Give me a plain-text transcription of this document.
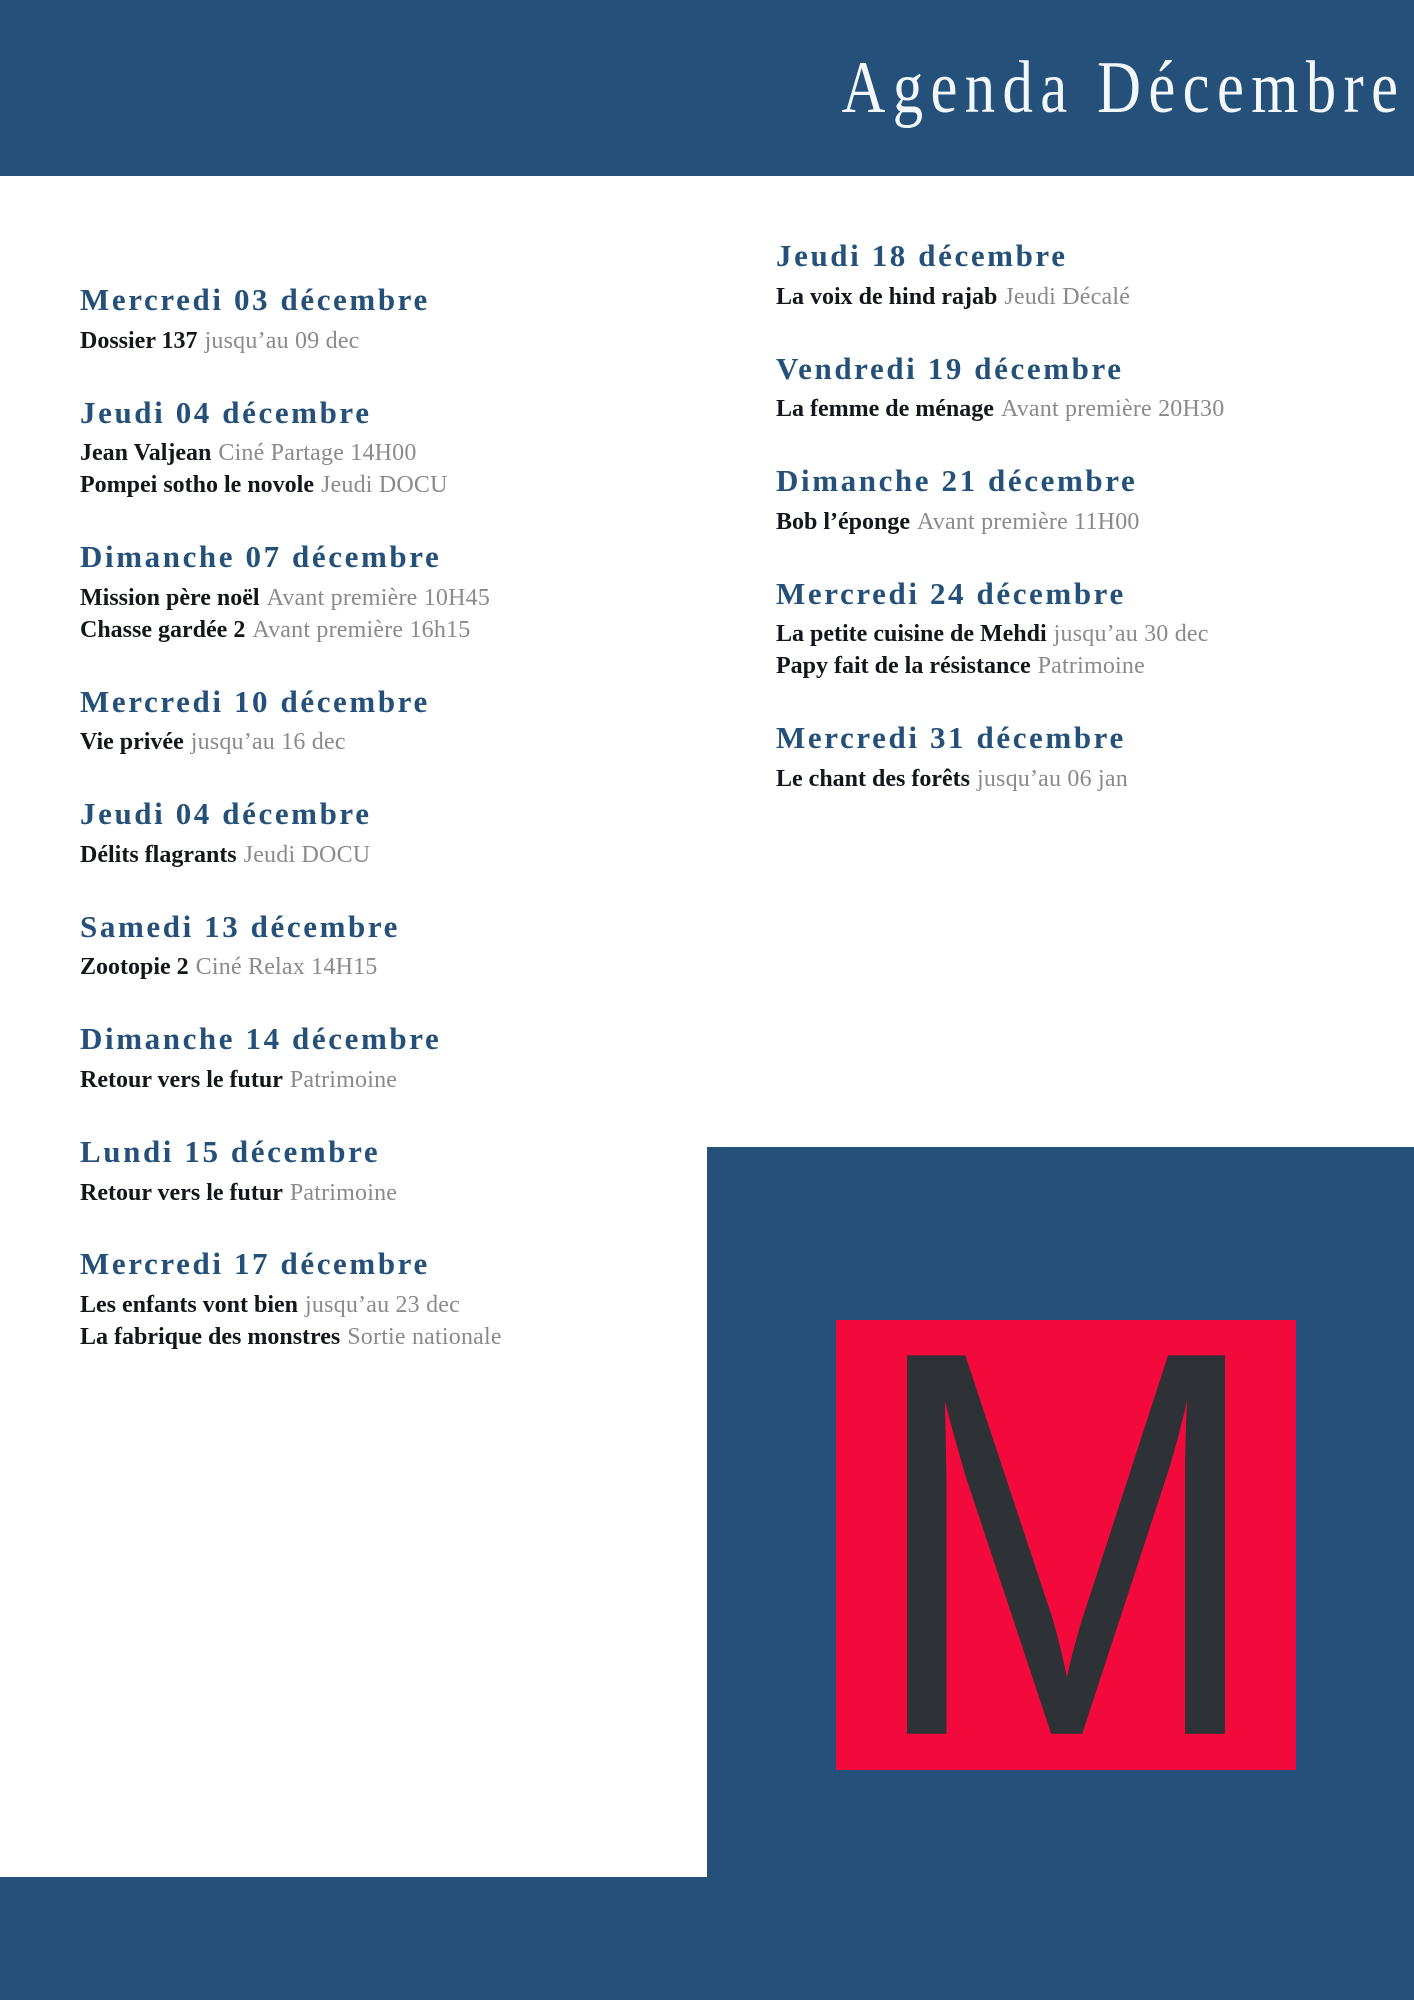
Agenda Décembre
Mercredi 03 décembre

Dossier 137 jusqu’au 09 dec

Jeudi 04 décembre

Jean Valjean Ciné Partage 14H00

Pompei sotho le novole Jeudi DOCU

Dimanche 07 décembre

Mission père noël Avant première 10H45

Chasse gardée 2 Avant première 16h15

Mercredi 10 décembre

Vie privée jusqu’au 16 dec

Jeudi 04 décembre

Délits flagrants Jeudi DOCU

Samedi 13 décembre

Zootopie 2 Ciné Relax 14H15

Dimanche 14 décembre

Retour vers le futur Patrimoine

Lundi 15 décembre

Retour vers le futur Patrimoine

Mercredi 17 décembre

Les enfants vont bien jusqu’au 23 dec

La fabrique des monstres Sortie nationale

Jeudi 18 décembre

La voix de hind rajab Jeudi Décalé

Vendredi 19 décembre

La femme de ménage Avant première 20H30

Dimanche 21 décembre

Bob l’éponge Avant première 11H00

Mercredi 24 décembre

La petite cuisine de Mehdi jusqu’au 30 dec

Papy fait de la résistance Patrimoine

Mercredi 31 décembre

Le chant des forêts jusqu’au 06 jan

M
